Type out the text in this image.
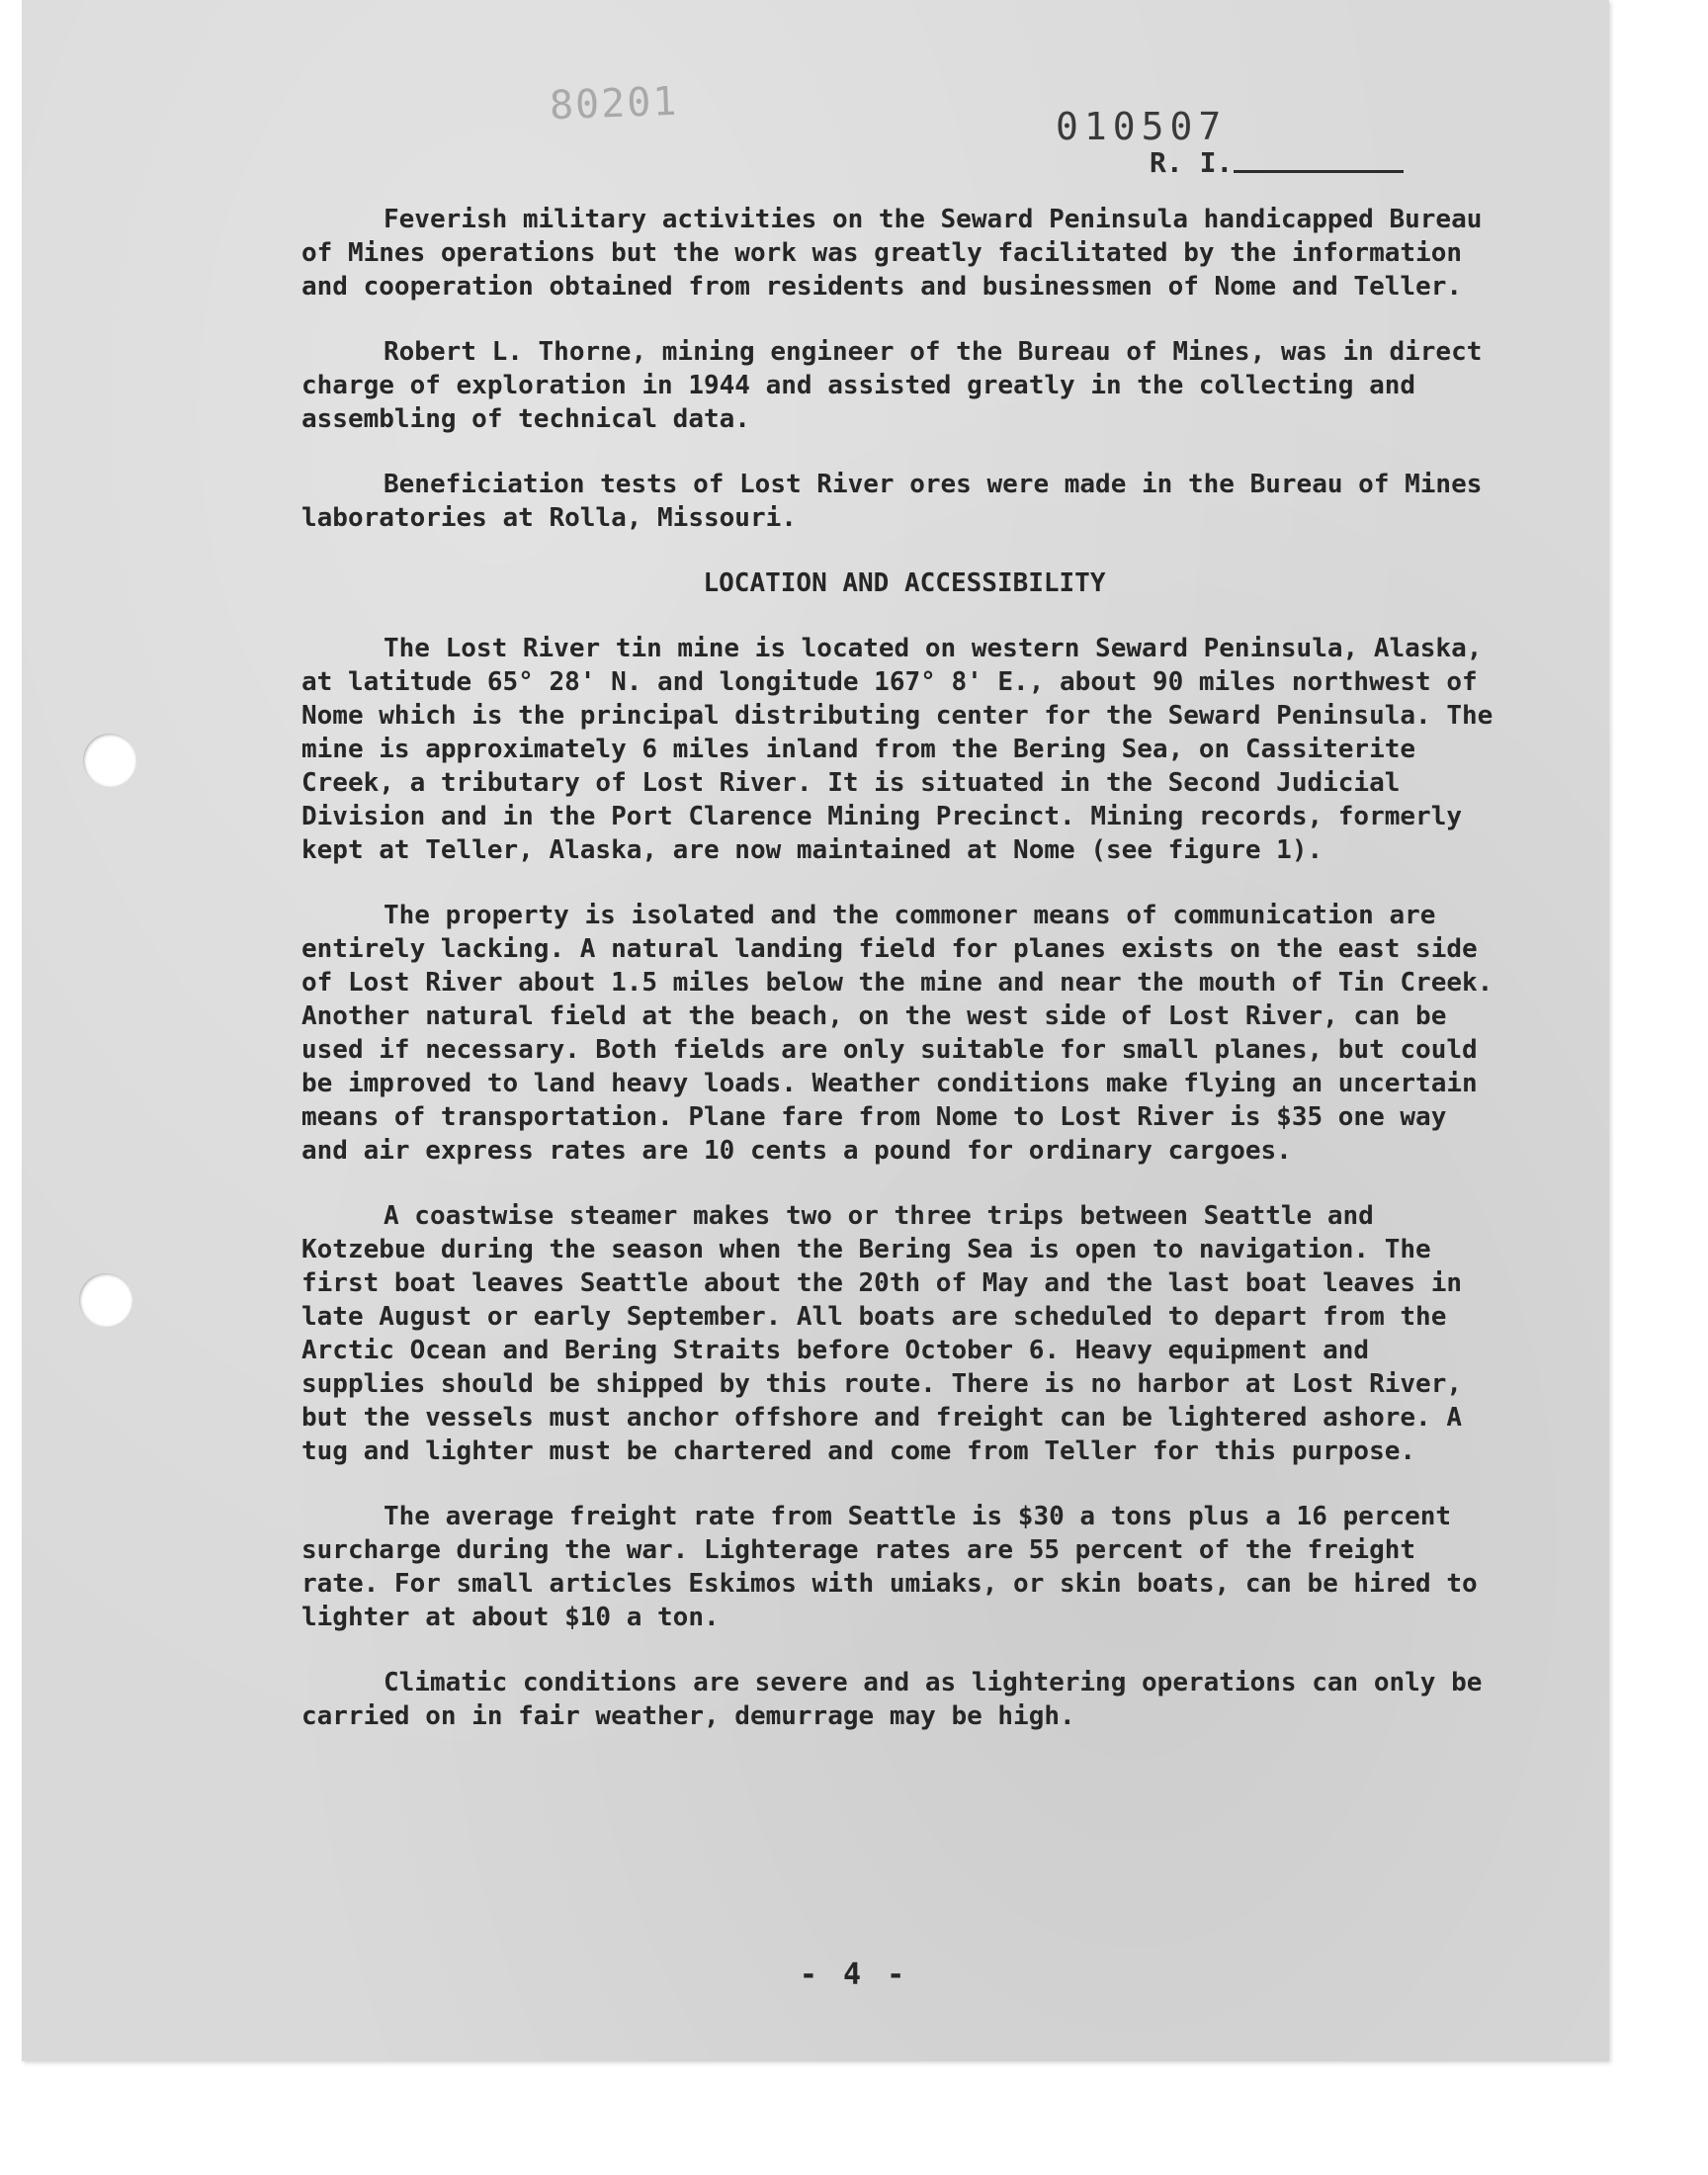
80201	010507
R. I.

Feverish military activities on the Seward Peninsula handicapped Bureau of Mines operations but the work was greatly facilitated by the information and cooperation obtained from residents and businessmen of Nome and Teller.

Robert L. Thorne, mining engineer of the Bureau of Mines, was in direct charge of exploration in 1944 and assisted greatly in the collecting and assembling of technical data.

Beneficiation tests of Lost River ores were made in the Bureau of Mines laboratories at Rolla, Missouri.

LOCATION AND ACCESSIBILITY

The Lost River tin mine is located on western Seward Peninsula, Alaska, at latitude 65° 28' N. and longitude 167° 8' E., about 90 miles northwest of Nome which is the principal distributing center for the Seward Peninsula. The mine is approximately 6 miles inland from the Bering Sea, on Cassiterite Creek, a tributary of Lost River. It is situated in the Second Judicial Division and in the Port Clarence Mining Precinct. Mining records, formerly kept at Teller, Alaska, are now maintained at Nome (see figure 1).

The property is isolated and the commoner means of communication are entirely lacking. A natural landing field for planes exists on the east side of Lost River about 1.5 miles below the mine and near the mouth of Tin Creek. Another natural field at the beach, on the west side of Lost River, can be used if necessary. Both fields are only suitable for small planes, but could be improved to land heavy loads. Weather conditions make flying an uncertain means of transportation. Plane fare from Nome to Lost River is $35 one way and air express rates are 10 cents a pound for ordinary cargoes.

A coastwise steamer makes two or three trips between Seattle and Kotzebue during the season when the Bering Sea is open to navigation. The first boat leaves Seattle about the 20th of May and the last boat leaves in late August or early September. All boats are scheduled to depart from the Arctic Ocean and Bering Straits before October 6. Heavy equipment and supplies should be shipped by this route. There is no harbor at Lost River, but the vessels must anchor offshore and freight can be lightered ashore. A tug and lighter must be chartered and come from Teller for this purpose.

The average freight rate from Seattle is $30 a tons plus a 16 percent surcharge during the war. Lighterage rates are 55 percent of the freight rate. For small articles Eskimos with umiaks, or skin boats, can be hired to lighter at about $10 a ton.

Climatic conditions are severe and as lightering operations can only be carried on in fair weather, demurrage may be high.

- 4 -
